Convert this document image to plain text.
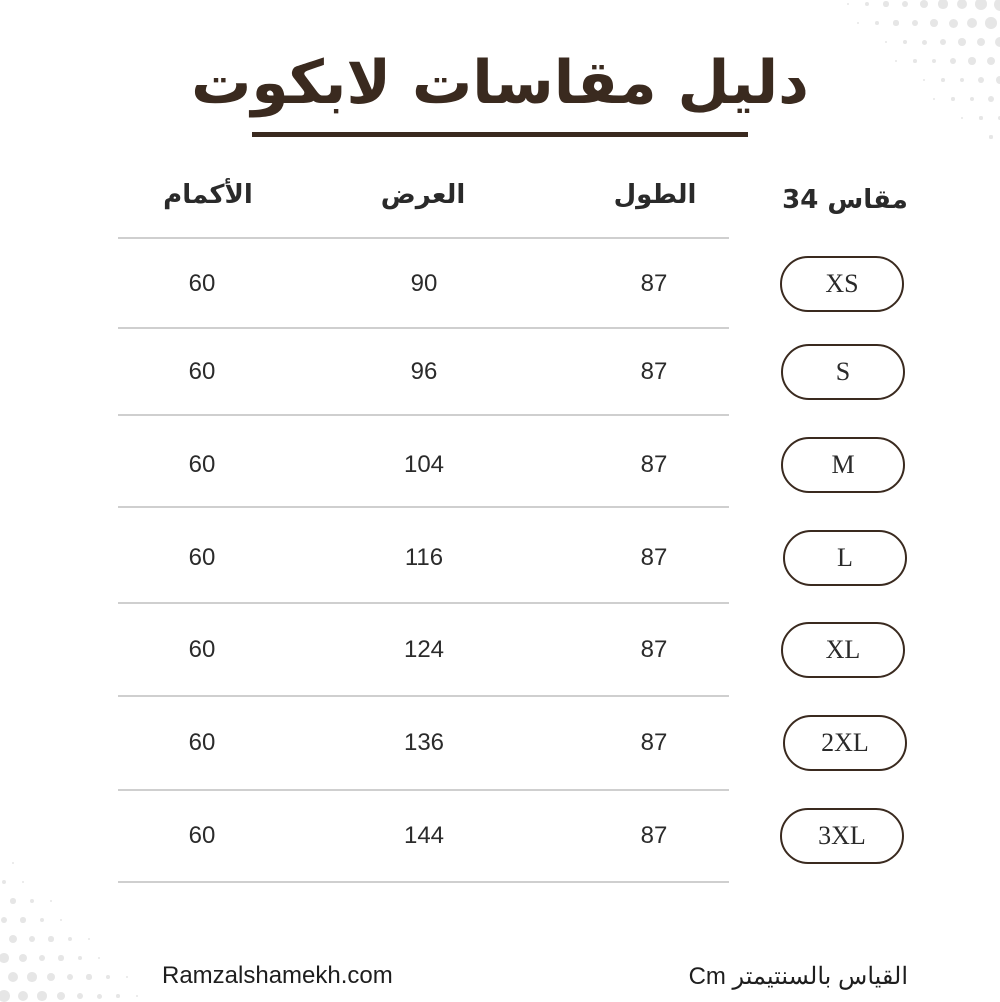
دليل مقاسات لابكوت
مقاس 34
الطول
العرض
الأكمام
XS
87
90
60
S
87
96
60
M
87
104
60
L
87
116
60
XL
87
124
60
2XL
87
136
60
3XL
87
144
60
Ramzalshamekh.com	القياس بالسنتيمتر Cm
